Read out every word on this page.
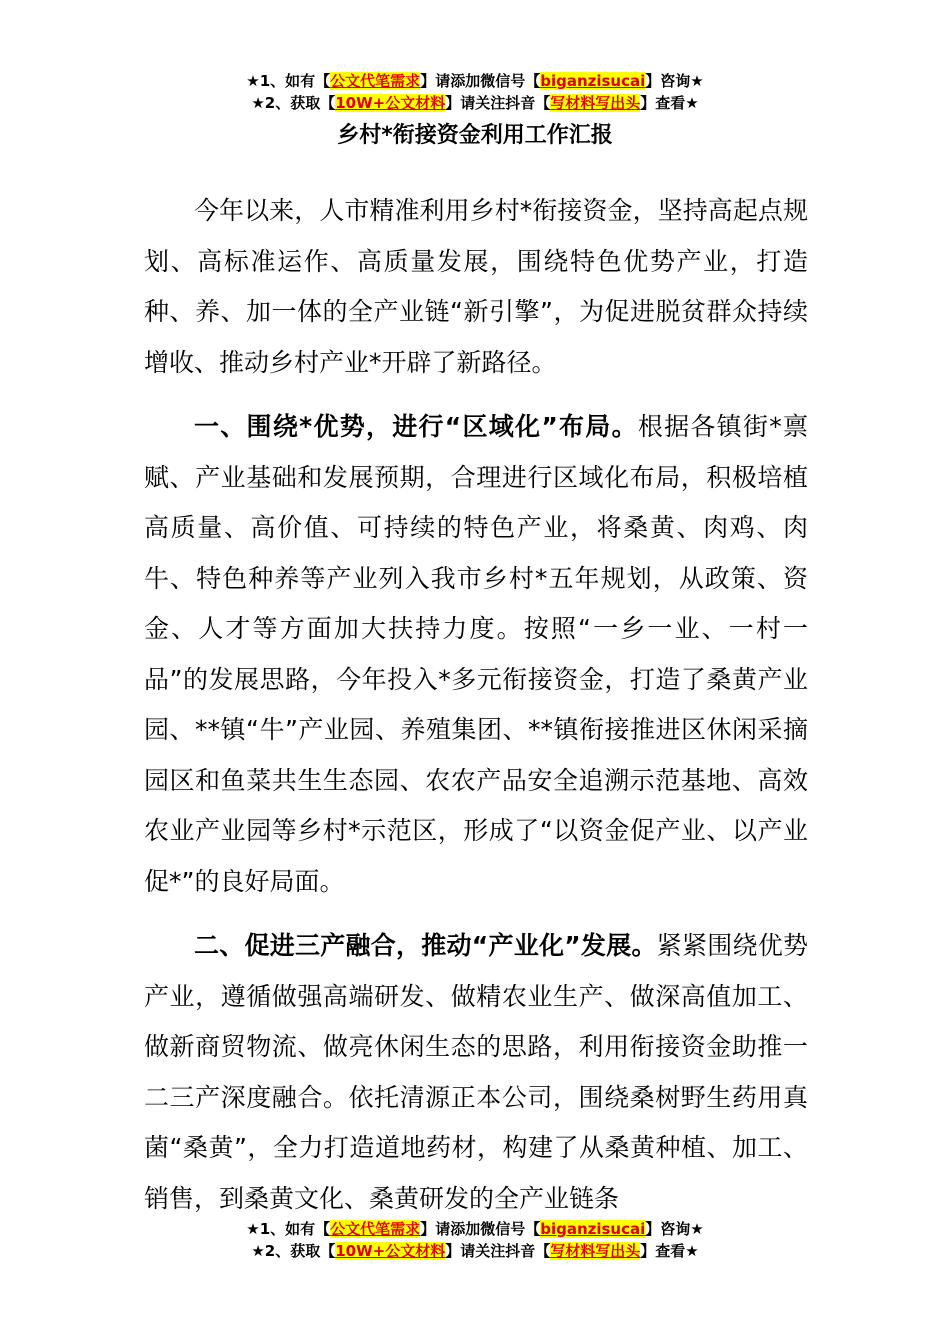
★1、如有【公文代笔需求】请添加微信号【biganzisucai】咨询★
★2、获取【10W+公文材料】请关注抖音【写材料写出头】查看★
乡村*衔接资金利用工作汇报

今年以来，人市精准利用乡村*衔接资金，坚持高起点规划、高标准运作、高质量发展，围绕特色优势产业，打造种、养、加一体的全产业链“新引擎”，为促进脱贫群众持续增收、推动乡村产业*开辟了新路径。

一、围绕*优势，进行“区域化”布局。根据各镇街*禀赋、产业基础和发展预期，合理进行区域化布局，积极培植高质量、高价值、可持续的特色产业，将桑黄、肉鸡、肉牛、特色种养等产业列入我市乡村*五年规划，从政策、资金、人才等方面加大扶持力度。按照“一乡一业、一村一品”的发展思路，今年投入*多元衔接资金，打造了桑黄产业园、**镇“牛”产业园、养殖集团、**镇衔接推进区休闲采摘园区和鱼菜共生生态园、农农产品安全追溯示范基地、高效农业产业园等乡村*示范区，形成了“以资金促产业、以产业促*”的良好局面。

二、促进三产融合，推动“产业化”发展。紧紧围绕优势产业，遵循做强高端研发、做精农业生产、做深高值加工、做新商贸物流、做亮休闲生态的思路，利用衔接资金助推一二三产深度融合。依托清源正本公司，围绕桑树野生药用真菌“桑黄”，全力打造道地药材，构建了从桑黄种植、加工、销售，到桑黄文化、桑黄研发的全产业链条

★1、如有【公文代笔需求】请添加微信号【biganzisucai】咨询★
★2、获取【10W+公文材料】请关注抖音【写材料写出头】查看★
